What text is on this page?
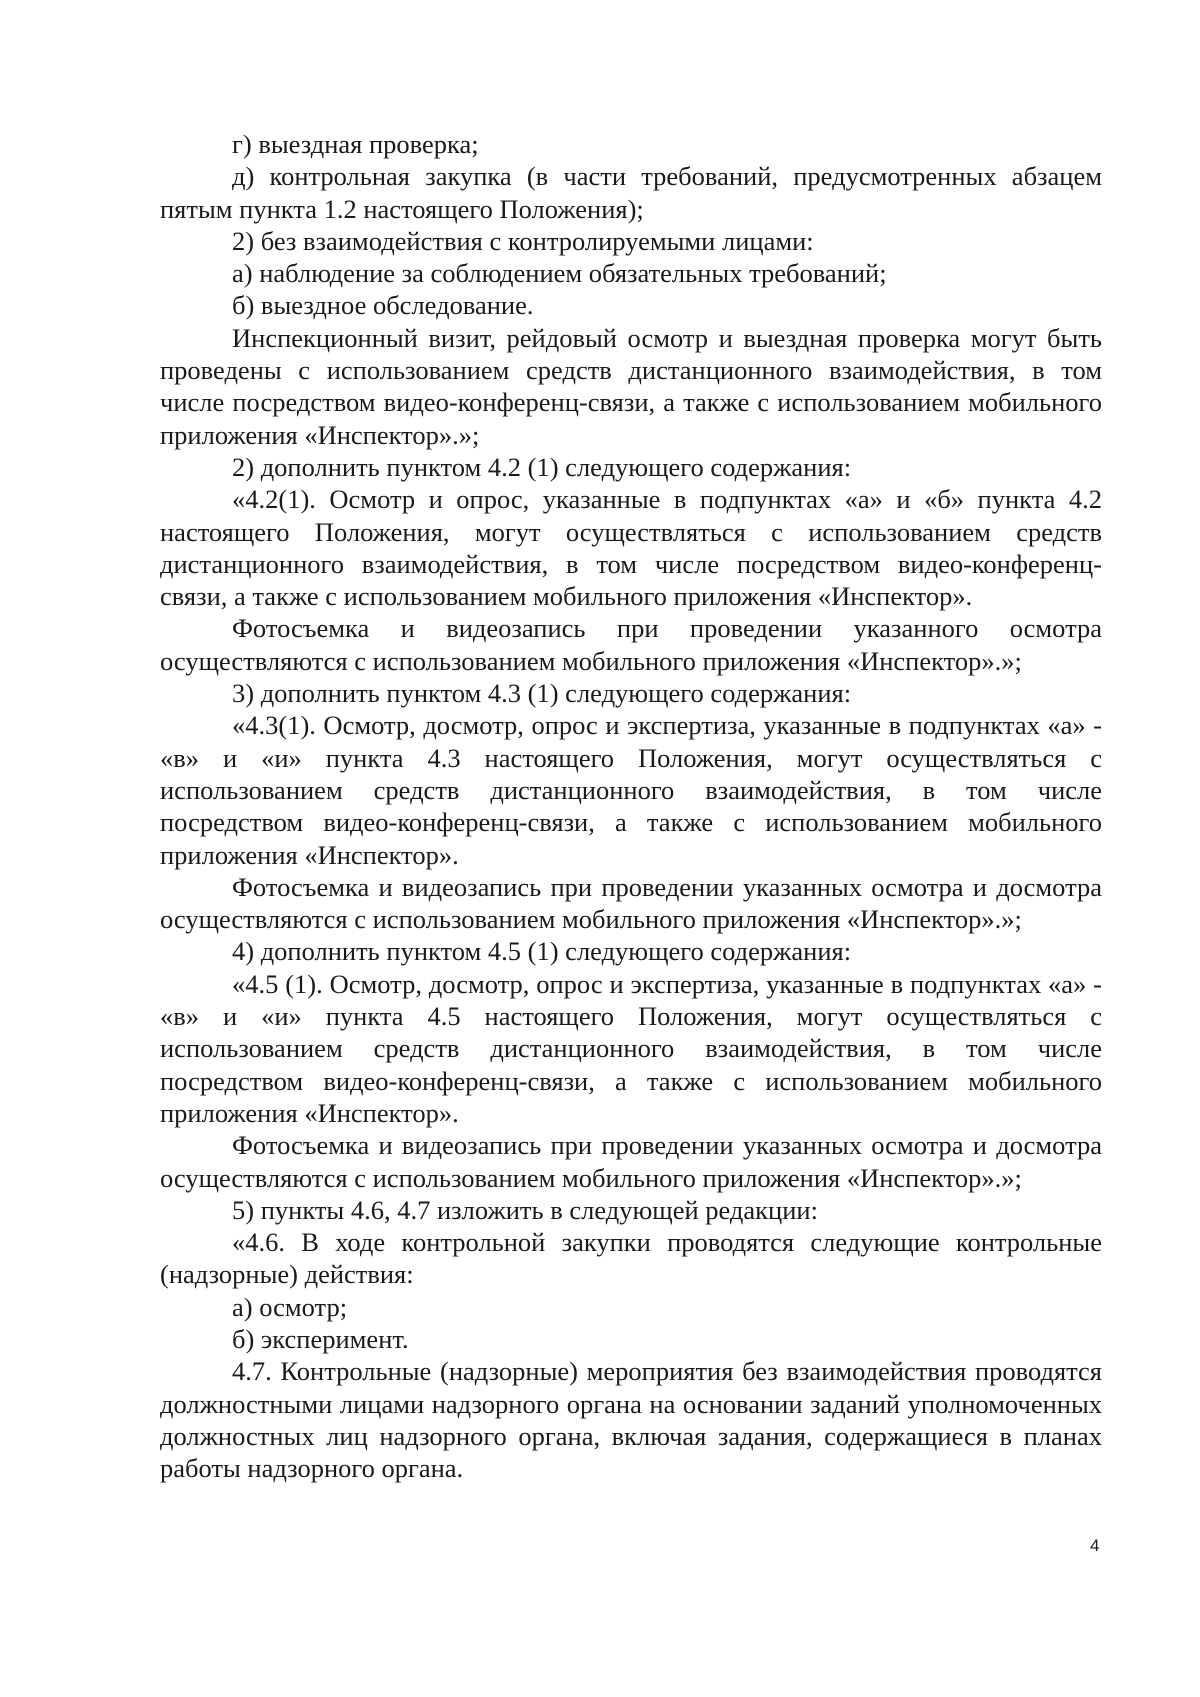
г) выездная проверка;

д) контрольная закупка (в части требований, предусмотренных абзацем пятым пункта 1.2 настоящего Положения);

2) без взаимодействия с контролируемыми лицами:

а) наблюдение за соблюдением обязательных требований;

б) выездное обследование.

Инспекционный визит, рейдовый осмотр и выездная проверка могут быть проведены с использованием средств дистанционного взаимодействия, в том числе посредством видео-конференц-связи, а также с использованием мобильного приложения «Инспектор».»;

2) дополнить пунктом 4.2 (1) следующего содержания:

«4.2(1). Осмотр и опрос, указанные в подпунктах «а» и «б» пункта 4.2 настоящего Положения, могут осуществляться с использованием средств дистанционного взаимодействия, в том числе посредством видео-конференц-связи, а также с использованием мобильного приложения «Инспектор».

Фотосъемка и видеозапись при проведении указанного осмотра осуществляются с использованием мобильного приложения «Инспектор».»;

3) дополнить пунктом 4.3 (1) следующего содержания:

«4.3(1). Осмотр, досмотр, опрос и экспертиза, указанные в подпунктах «а» - «в» и «и» пункта 4.3 настоящего Положения, могут осуществляться с использованием средств дистанционного взаимодействия, в том числе посредством видео-конференц-связи, а также с использованием мобильного приложения «Инспектор».

Фотосъемка и видеозапись при проведении указанных осмотра и досмотра осуществляются с использованием мобильного приложения «Инспектор».»;

4) дополнить пунктом 4.5 (1) следующего содержания:

«4.5 (1). Осмотр, досмотр, опрос и экспертиза, указанные в подпунктах «а» - «в» и «и» пункта 4.5 настоящего Положения, могут осуществляться с использованием средств дистанционного взаимодействия, в том числе посредством видео-конференц-связи, а также с использованием мобильного приложения «Инспектор».

Фотосъемка и видеозапись при проведении указанных осмотра и досмотра осуществляются с использованием мобильного приложения «Инспектор».»;

5) пункты 4.6, 4.7 изложить в следующей редакции:

«4.6. В ходе контрольной закупки проводятся следующие контрольные (надзорные) действия:

а) осмотр;

б) эксперимент.

4.7. Контрольные (надзорные) мероприятия без взаимодействия проводятся должностными лицами надзорного органа на основании заданий уполномоченных должностных лиц надзорного органа, включая задания, содержащиеся в планах работы надзорного органа.

4
